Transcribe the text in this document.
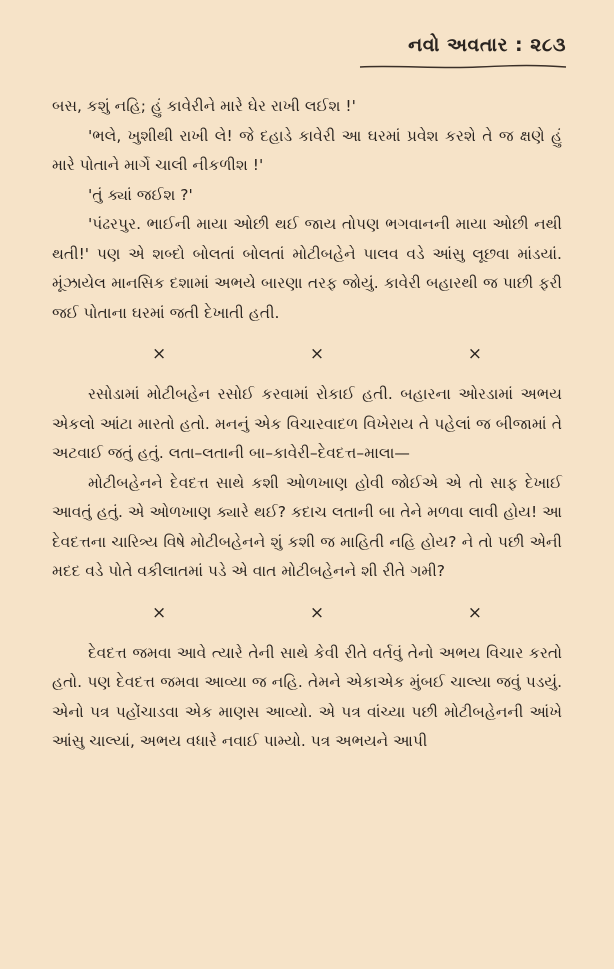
નવો અવતાર : ૨૮૩

બસ, કશું નહિ; હું કાવેરીને મારે ઘેર રાખી લઈશ !'

'ભલે, ખુશીથી રાખી લે! જે દહાડે કાવેરી આ ઘરમાં પ્રવેશ કરશે તે જ ક્ષણે હું મારે પોતાને માર્ગે ચાલી નીકળીશ !'

'તું ક્યાં જઈશ ?'

'પંઢરપુર. ભાઈની માયા ઓછી થઈ જાય તોપણ ભગવાનની માયા ઓછી નથી થતી!' પણ એ શબ્દો બોલતાં બોલતાં મોટીબહેને પાલવ વડે આંસુ લૂછવા માંડયાં. મૂંઝાયેલ માનસિક દશામાં અભયે બારણા તરફ જોયું. કાવેરી બહારથી જ પાછી ફરી જઈ પોતાના ઘરમાં જતી દેખાતી હતી.

×	×	×

રસોડામાં મોટીબહેન રસોઈ કરવામાં રોકાઈ હતી. બહારના ઓરડામાં અભય એકલો આંટા મારતો હતો. મનનું એક વિચારવાદળ વિખેરાય તે પહેલાં જ બીજામાં તે અટવાઈ જતું હતું. લતા–લતાની બા–કાવેરી–દેવદત્ત–માલા—

મોટીબહેનને દેવદત્ત સાથે કશી ઓળખાણ હોવી જોઈએ એ તો સાફ દેખાઈ આવતું હતું. એ ઓળખાણ ક્યારે થઈ? કદાચ લતાની બા તેને મળવા લાવી હોય! આ દેવદત્તના ચારિત્ર્ય વિષે મોટીબહેનને શું કશી જ માહિતી નહિ હોય? ને તો પછી એની મદદ વડે પોતે વકીલાતમાં પડે એ વાત મોટીબહેનને શી રીતે ગમી?

×	×	×

દેવદત્ત જમવા આવે ત્યારે તેની સાથે કેવી રીતે વર્તવું તેનો અભય વિચાર કરતો હતો. પણ દેવદત્ત જમવા આવ્યા જ નહિ. તેમને એકાએક મુંબઈ ચાલ્યા જવું પડયું. એનો પત્ર પહોંચાડવા એક માણસ આવ્યો. એ પત્ર વાંચ્યા પછી મોટીબહેનની આંખે આંસુ ચાલ્યાં, અભય વધારે નવાઈ પામ્યો. પત્ર અભયને આપી
